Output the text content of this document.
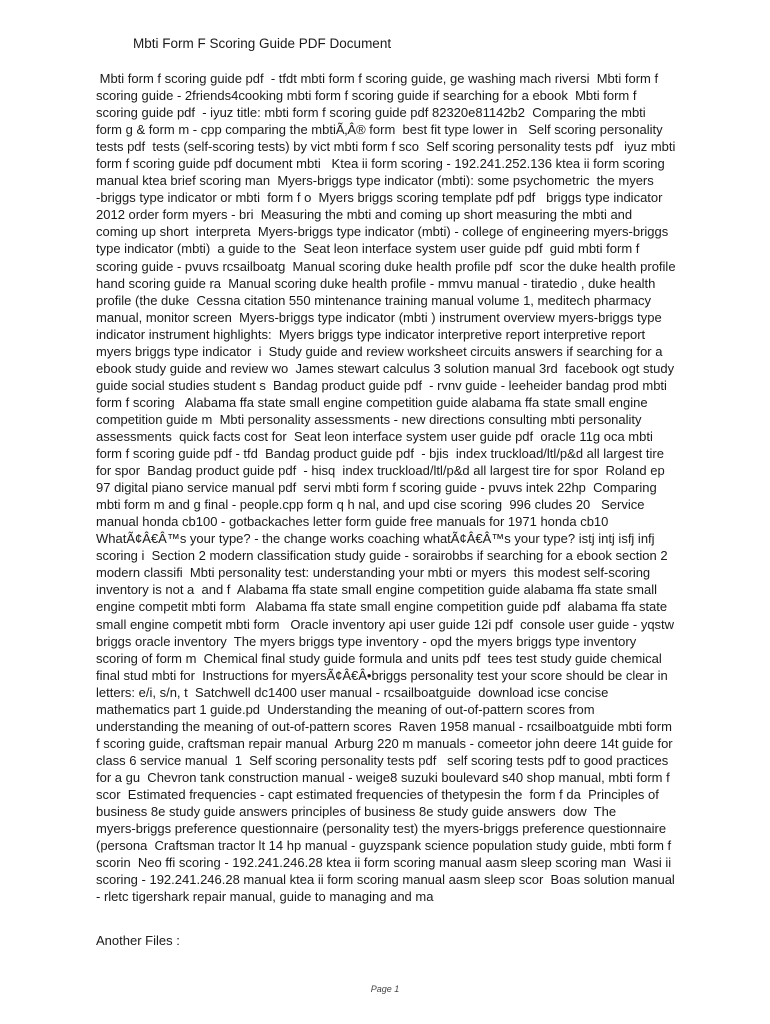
Mbti Form F Scoring Guide PDF Document
Mbti form f scoring guide pdf  - tfdt mbti form f scoring guide, ge washing mach riversi  Mbti form f
scoring guide - 2friends4cooking mbti form f scoring guide if searching for a ebook  Mbti form f
scoring guide pdf  - iyuz title: mbti form f scoring guide pdf 82320e81142b2  Comparing the mbti
form g & form m - cpp comparing the mbtiÃ‚Â® form  best fit type lower in   Self scoring personality
tests pdf  tests (self-scoring tests) by vict mbti form f sco  Self scoring personality tests pdf   iyuz mbti
form f scoring guide pdf document mbti   Ktea ii form scoring - 192.241.252.136 ktea ii form scoring
manual ktea brief scoring man  Myers-briggs type indicator (mbti): some psychometric  the myers
-briggs type indicator or mbti  form f o  Myers briggs scoring template pdf pdf   briggs type indicator
2012 order form myers - bri  Measuring the mbti and coming up short measuring the mbti and
coming up short  interpreta  Myers-briggs type indicator (mbti) - college of engineering myers-briggs
type indicator (mbti)  a guide to the  Seat leon interface system user guide pdf  guid mbti form f
scoring guide - pvuvs rcsailboatg  Manual scoring duke health profile pdf  scor the duke health profile
hand scoring guide ra  Manual scoring duke health profile - mmvu manual - tiratedio , duke health
profile (the duke  Cessna citation 550 mintenance training manual volume 1, meditech pharmacy
manual, monitor screen  Myers-briggs type indicator (mbti ) instrument overview myers-briggs type
indicator instrument highlights:  Myers briggs type indicator interpretive report interpretive report
myers briggs type indicator  i  Study guide and review worksheet circuits answers if searching for a
ebook study guide and review wo  James stewart calculus 3 solution manual 3rd  facebook ogt study
guide social studies student s  Bandag product guide pdf  - rvnv guide - leeheider bandag prod mbti
form f scoring   Alabama ffa state small engine competition guide alabama ffa state small engine
competition guide m  Mbti personality assessments - new directions consulting mbti personality
assessments  quick facts cost for  Seat leon interface system user guide pdf  oracle 11g oca mbti
form f scoring guide pdf - tfd  Bandag product guide pdf  - bjis  index truckload/ltl/p&d all largest tire
for spor  Bandag product guide pdf  - hisq  index truckload/ltl/p&d all largest tire for spor  Roland ep
97 digital piano service manual pdf  servi mbti form f scoring guide - pvuvs intek 22hp  Comparing
mbti form m and g final - people.cpp form q h nal, and upd cise scoring  996 cludes 20   Service
manual honda cb100 - gotbackaches letter form guide free manuals for 1971 honda cb10
WhatÃ¢Â€Â™s your type? - the change works coaching whatÃ¢Â€Â™s your type? istj intj isfj infj
scoring i  Section 2 modern classification study guide - sorairobbs if searching for a ebook section 2
modern classifi  Mbti personality test: understanding your mbti or myers  this modest self-scoring
inventory is not a  and f  Alabama ffa state small engine competition guide alabama ffa state small
engine competit mbti form   Alabama ffa state small engine competition guide pdf  alabama ffa state
small engine competit mbti form   Oracle inventory api user guide 12i pdf  console user guide - yqstw
briggs oracle inventory  The myers briggs type inventory - opd the myers briggs type inventory
scoring of form m  Chemical final study guide formula and units pdf  tees test study guide chemical
final stud mbti for  Instructions for myersÃ¢Â€Â•briggs personality test your score should be clear in
letters: e/i, s/n, t  Satchwell dc1400 user manual - rcsailboatguide  download icse concise
mathematics part 1 guide.pd  Understanding the meaning of out-of-pattern scores from
understanding the meaning of out-of-pattern scores  Raven 1958 manual - rcsailboatguide mbti form
f scoring guide, craftsman repair manual  Arburg 220 m manuals - comeetor john deere 14t guide for
class 6 service manual  1  Self scoring personality tests pdf   self scoring tests pdf to good practices
for a gu  Chevron tank construction manual - weige8 suzuki boulevard s40 shop manual, mbti form f
scor  Estimated frequencies - capt estimated frequencies of thetypesin the  form f da  Principles of
business 8e study guide answers principles of business 8e study guide answers  dow  The
myers-briggs preference questionnaire (personality test) the myers-briggs preference questionnaire
(persona  Craftsman tractor lt 14 hp manual - guyzspank science population study guide, mbti form f
scorin  Neo ffi scoring - 192.241.246.28 ktea ii form scoring manual aasm sleep scoring man  Wasi ii
scoring - 192.241.246.28 manual ktea ii form scoring manual aasm sleep scor  Boas solution manual
- rletc tigershark repair manual, guide to managing and ma
Another Files :
Page 1
